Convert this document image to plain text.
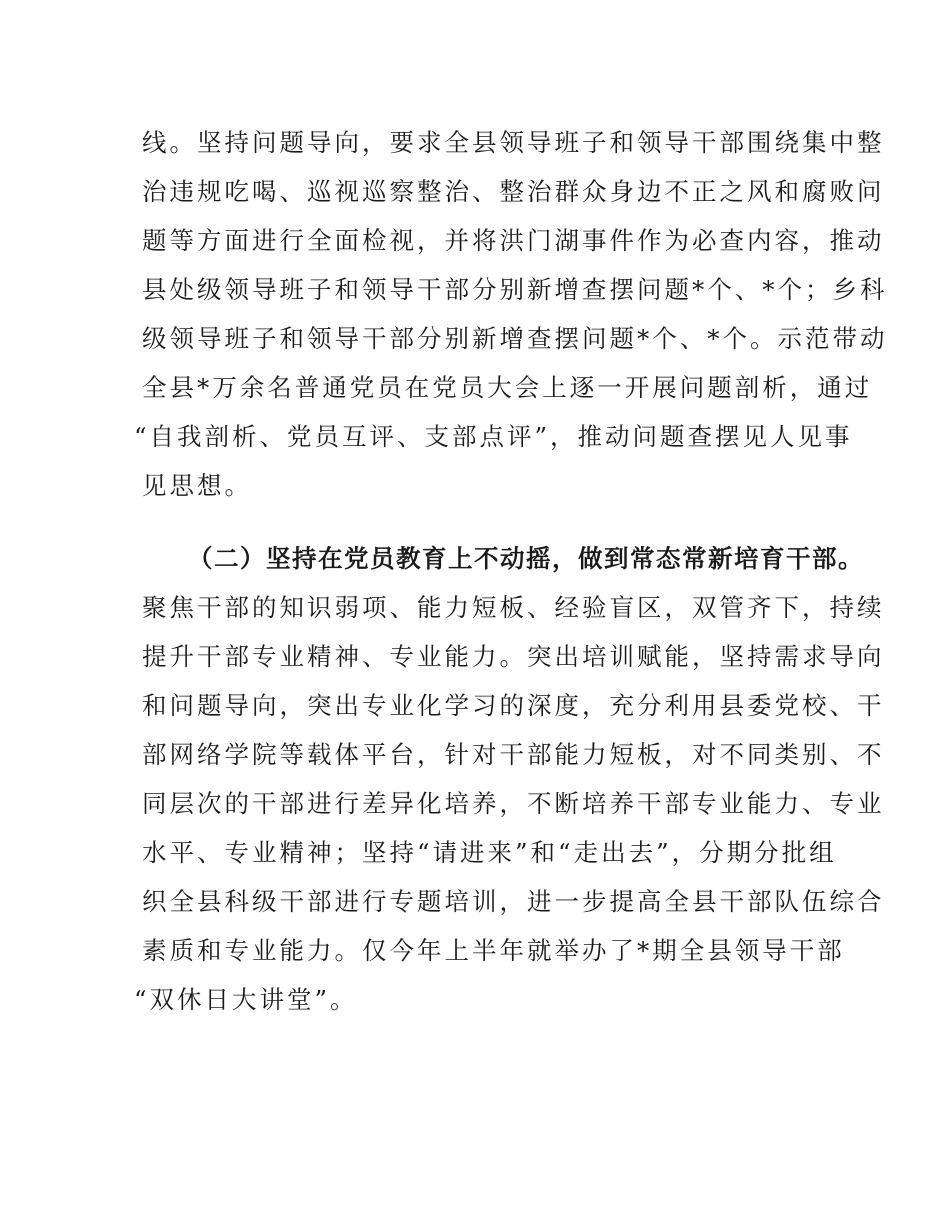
线。坚持问题导向，要求全县领导班子和领导干部围绕集中整
治违规吃喝、巡视巡察整治、整治群众身边不正之风和腐败问
题等方面进行全面检视，并将洪门湖事件作为必查内容，推动
县处级领导班子和领导干部分别新增查摆问题*个、*个；乡科
级领导班子和领导干部分别新增查摆问题*个、*个。示范带动
全县*万余名普通党员在党员大会上逐一开展问题剖析，通过
“自我剖析、党员互评、支部点评”，推动问题查摆见人见事
见思想。
（二）坚持在党员教育上不动摇，做到常态常新培育干部。
聚焦干部的知识弱项、能力短板、经验盲区，双管齐下，持续
提升干部专业精神、专业能力。突出培训赋能，坚持需求导向
和问题导向，突出专业化学习的深度，充分利用县委党校、干
部网络学院等载体平台，针对干部能力短板，对不同类别、不
同层次的干部进行差异化培养，不断培养干部专业能力、专业
水平、专业精神；坚持“请进来”和“走出去”，分期分批组
织全县科级干部进行专题培训，进一步提高全县干部队伍综合
素质和专业能力。仅今年上半年就举办了*期全县领导干部
“双休日大讲堂”。
